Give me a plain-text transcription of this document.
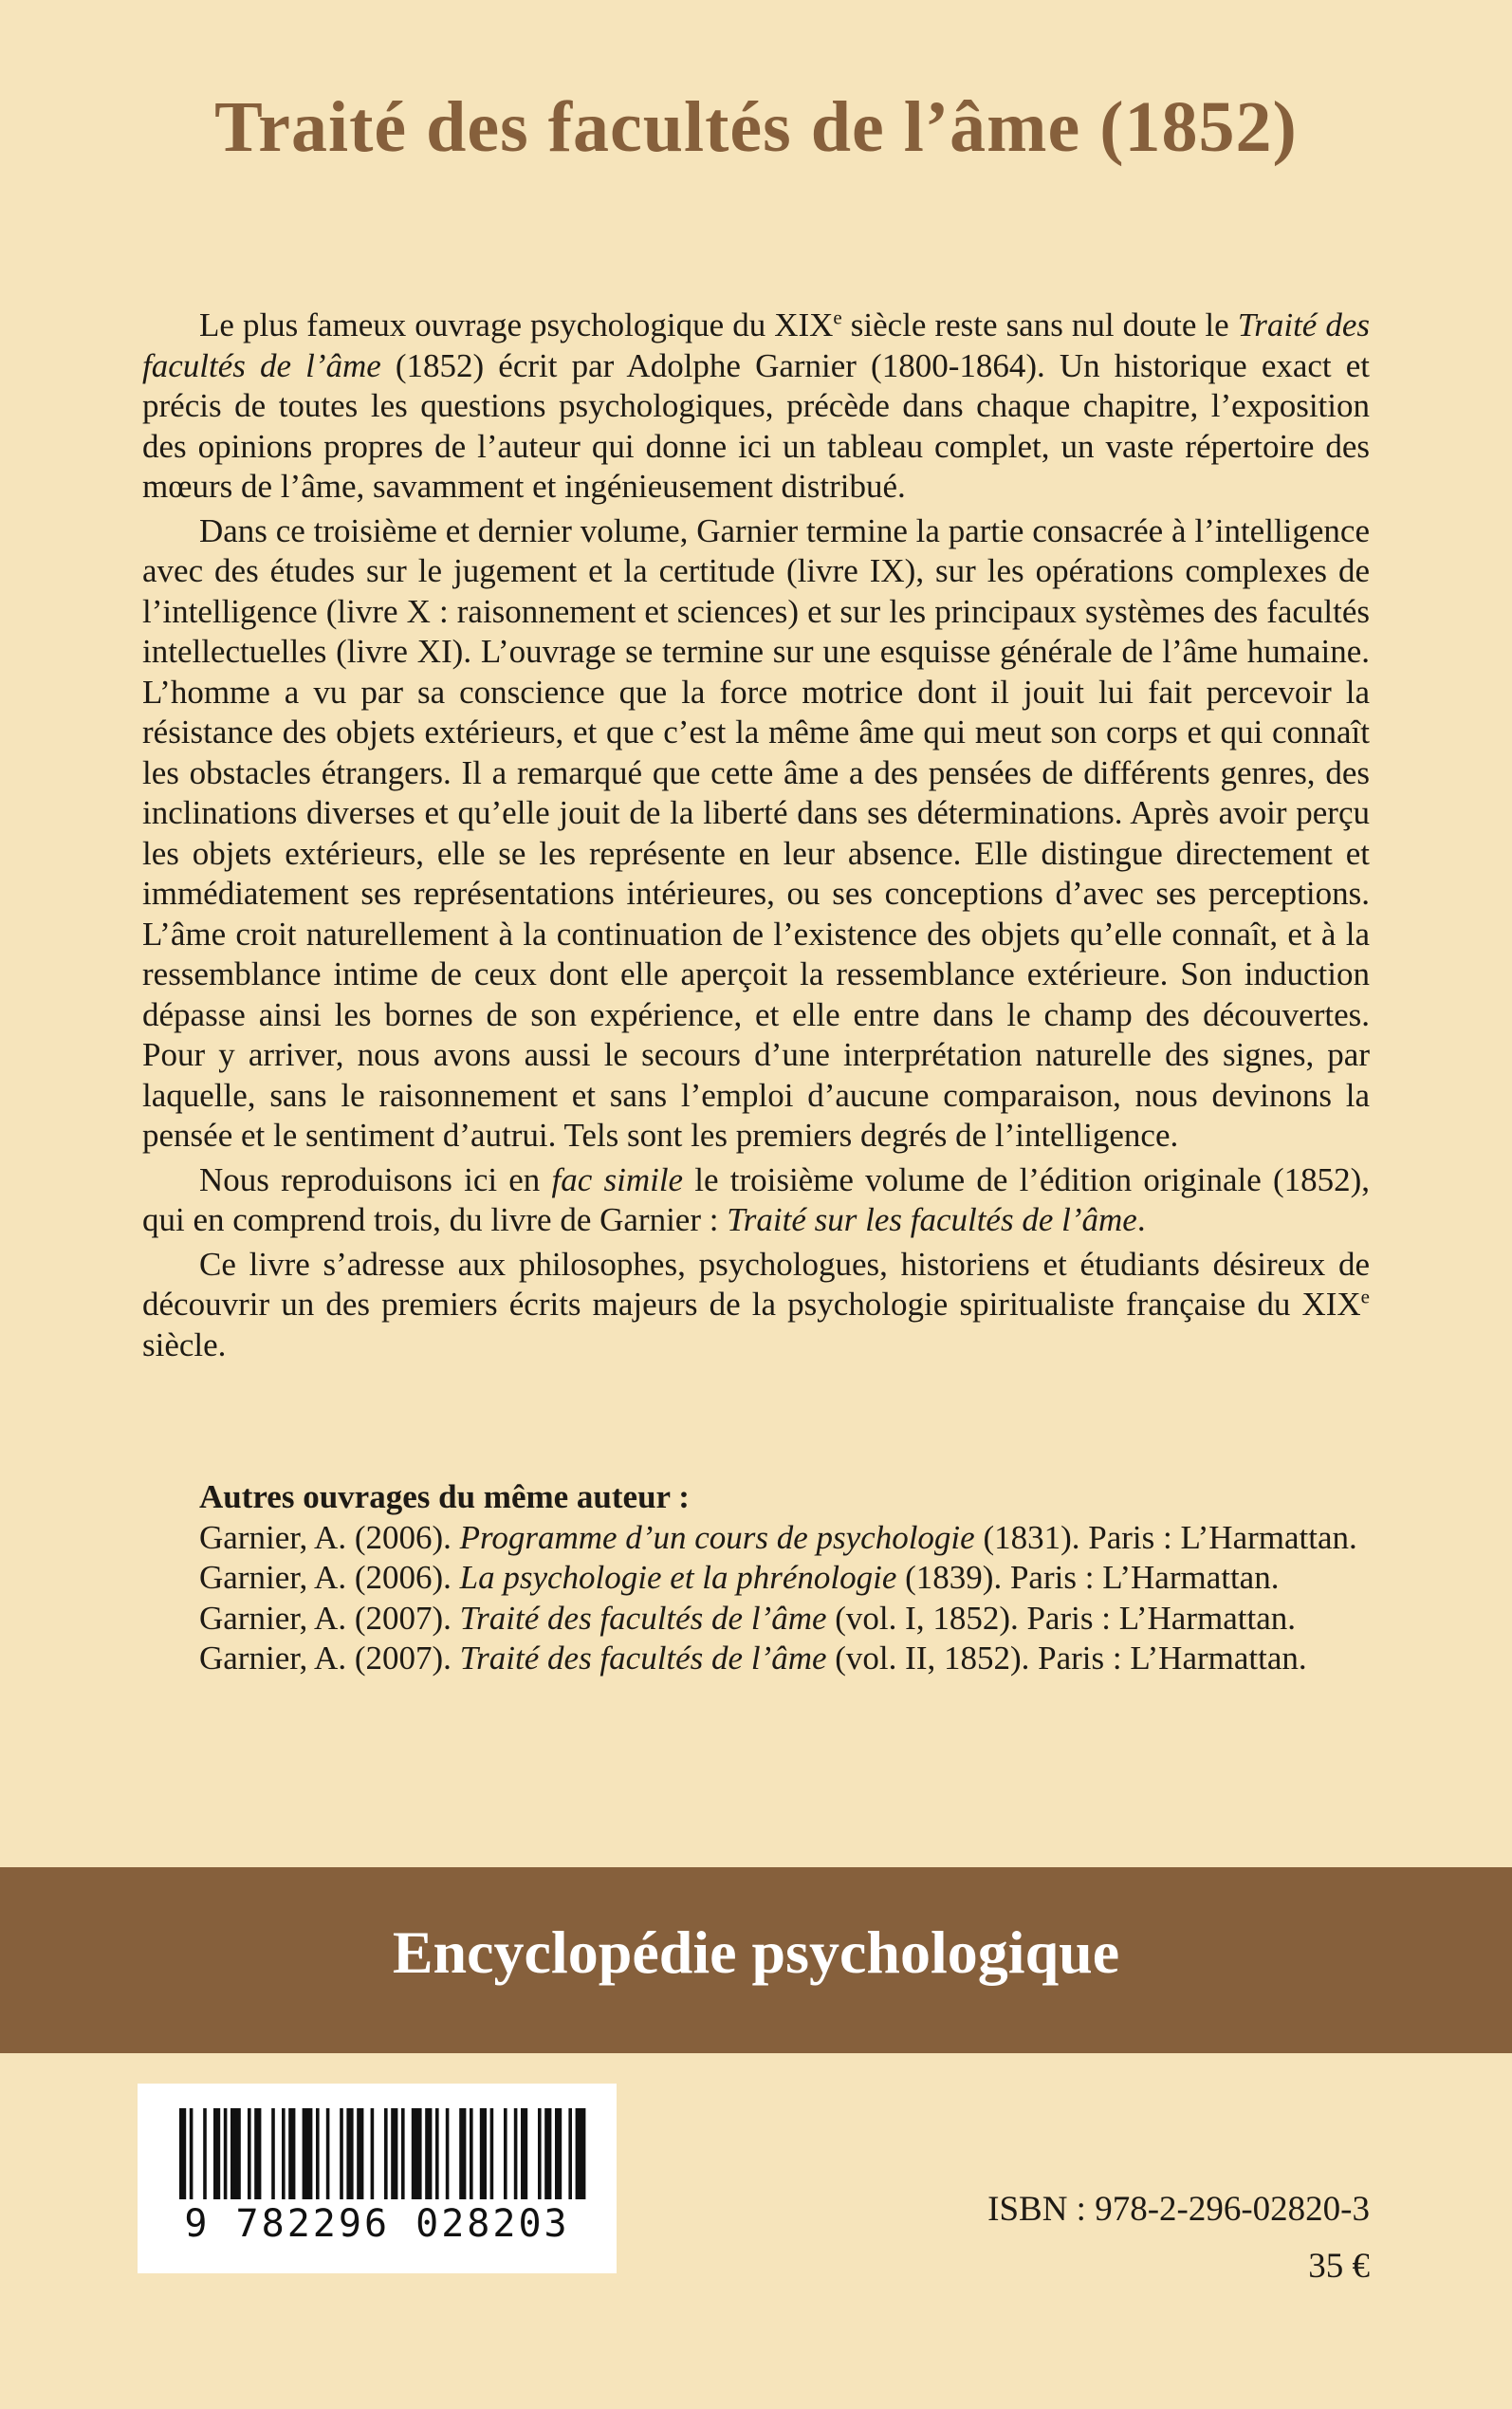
Traité des facultés de l’âme (1852)

Le plus fameux ouvrage psychologique du XIXe siècle reste sans nul doute le Traité des facultés de l’âme (1852) écrit par Adolphe Garnier (1800-1864). Un historique exact et précis de toutes les questions psychologiques, précède dans chaque chapitre, l’exposition des opinions propres de l’auteur qui donne ici un tableau complet, un vaste répertoire des mœurs de l’âme, savamment et ingénieusement distribué.

Dans ce troisième et dernier volume, Garnier termine la partie consacrée à l’intelligence avec des études sur le jugement et la certitude (livre IX), sur les opérations complexes de l’intelligence (livre X : raisonnement et sciences) et sur les principaux systèmes des facultés intellectuelles (livre XI). L’ouvrage se termine sur une esquisse générale de l’âme humaine. L’homme a vu par sa conscience que la force motrice dont il jouit lui fait percevoir la résistance des objets extérieurs, et que c’est la même âme qui meut son corps et qui connaît les obstacles étrangers. Il a remarqué que cette âme a des pensées de différents genres, des inclinations diverses et qu’elle jouit de la liberté dans ses déterminations. Après avoir perçu les objets extérieurs, elle se les représente en leur absence. Elle distingue directement et immédiatement ses représentations intérieures, ou ses conceptions d’avec ses perceptions. L’âme croit naturellement à la continuation de l’existence des objets qu’elle connaît, et à la ressemblance intime de ceux dont elle aperçoit la ressemblance extérieure. Son induction dépasse ainsi les bornes de son expérience, et elle entre dans le champ des découvertes. Pour y arriver, nous avons aussi le secours d’une interprétation naturelle des signes, par laquelle, sans le raisonnement et sans l’emploi d’aucune comparaison, nous devinons la pensée et le sentiment d’autrui. Tels sont les premiers degrés de l’intelligence.

Nous reproduisons ici en fac simile le troisième volume de l’édition originale (1852), qui en comprend trois, du livre de Garnier : Traité sur les facultés de l’âme.

Ce livre s’adresse aux philosophes, psychologues, historiens et étudiants désireux de découvrir un des premiers écrits majeurs de la psychologie spiritualiste française du XIXe siècle.

Autres ouvrages du même auteur :

Garnier, A. (2006). Programme d’un cours de psychologie (1831). Paris : L’Harmattan.

Garnier, A. (2006). La psychologie et la phrénologie (1839). Paris : L’Harmattan.

Garnier, A. (2007). Traité des facultés de l’âme (vol. I, 1852). Paris : L’Harmattan.

Garnier, A. (2007). Traité des facultés de l’âme (vol. II, 1852). Paris : L’Harmattan.

Encyclopédie psychologique

9 782296 028203	ISBN : 978-2-296-02820-3

35 €
